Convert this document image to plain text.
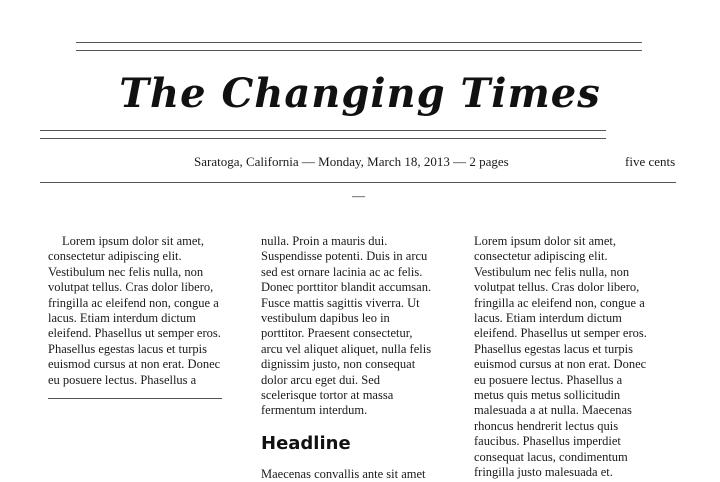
The Changing Times
Saratoga, California — Monday, March 18, 2013 — 2 pages	five cents
—
Lorem ipsum dolor sit amet,
consectetur adipiscing elit.
Vestibulum nec felis nulla, non
volutpat tellus. Cras dolor libero,
fringilla ac eleifend non, congue a
lacus. Etiam interdum dictum
eleifend. Phasellus ut semper eros.
Phasellus egestas lacus et turpis
euismod cursus at non erat. Donec
eu posuere lectus. Phasellus a
nulla. Proin a mauris dui.
Suspendisse potenti. Duis in arcu
sed est ornare lacinia ac ac felis.
Donec porttitor blandit accumsan.
Fusce mattis sagittis viverra. Ut
vestibulum dapibus leo in
porttitor. Praesent consectetur,
arcu vel aliquet aliquet, nulla felis
dignissim justo, non consequat
dolor arcu eget dui. Sed
scelerisque tortor at massa
fermentum interdum.
Headline
Maecenas convallis ante sit amet
Lorem ipsum dolor sit amet,
consectetur adipiscing elit.
Vestibulum nec felis nulla, non
volutpat tellus. Cras dolor libero,
fringilla ac eleifend non, congue a
lacus. Etiam interdum dictum
eleifend. Phasellus ut semper eros.
Phasellus egestas lacus et turpis
euismod cursus at non erat. Donec
eu posuere lectus. Phasellus a
metus quis metus sollicitudin
malesuada a at nulla. Maecenas
rhoncus hendrerit lectus quis
faucibus. Phasellus imperdiet
consequat lacus, condimentum
fringilla justo malesuada et.
